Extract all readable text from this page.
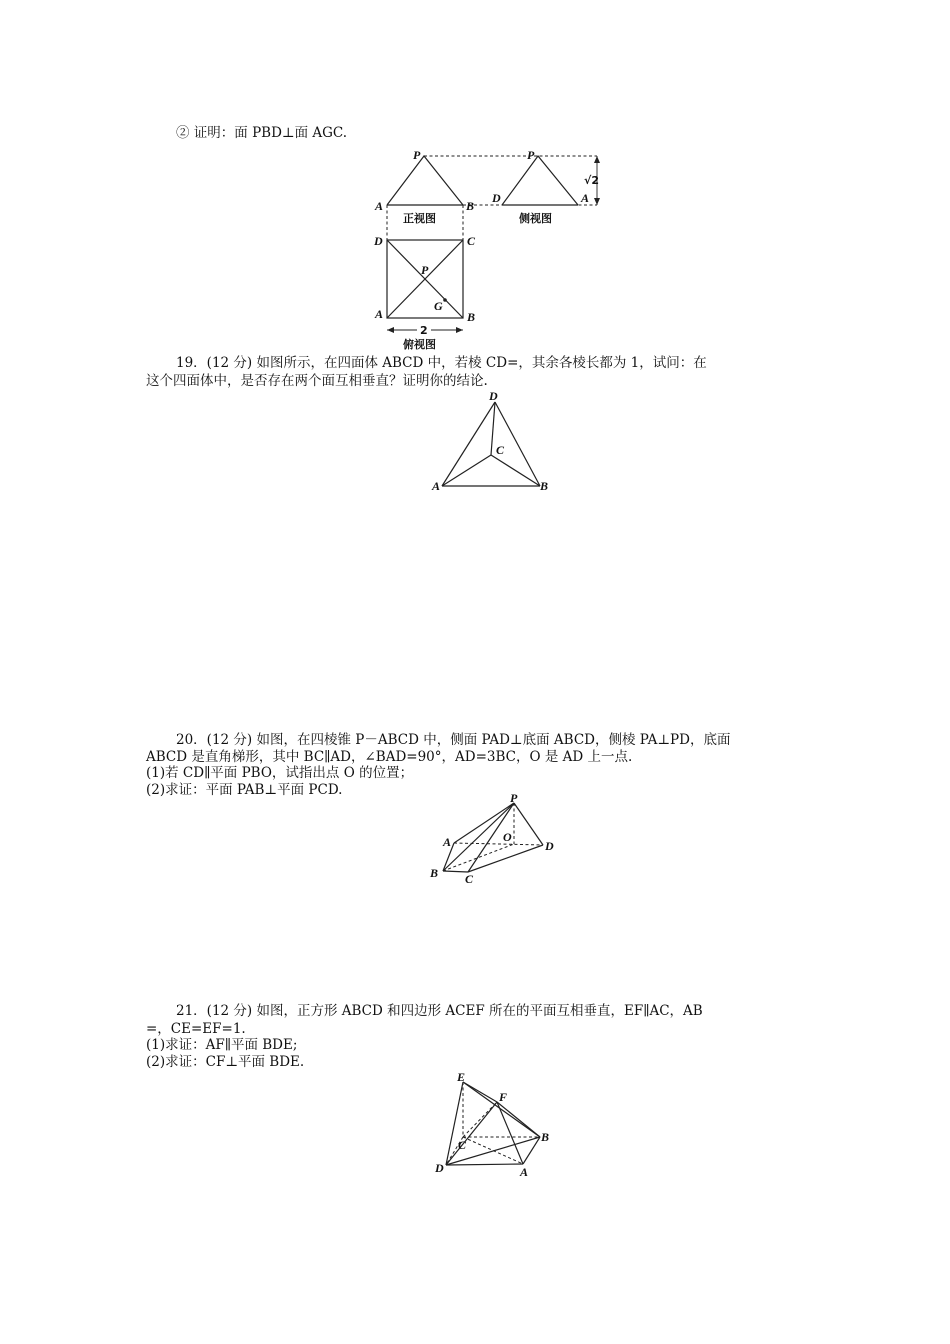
② 证明：面 PBD⊥面 AGC.
P
A	B
正视图
P
D	A
侧视图
√2
D	C
P
G
A	B
2
俯视图
19．(12 分) 如图所示，在四面体 ABCD 中，若棱 CD=，其余各棱长都为 1，试问：在
这个四面体中，是否存在两个面互相垂直？证明你的结论.
D
C
A	B
20．(12 分) 如图，在四棱锥 P－ABCD 中，侧面 PAD⊥底面 ABCD，侧棱 PA⊥PD，底面
ABCD 是直角梯形，其中 BC∥AD，∠BAD=90°，AD=3BC，O 是 AD 上一点.
(1)若 CD∥平面 PBO，试指出点 O 的位置；
(2)求证：平面 PAB⊥平面 PCD.	P
A	O
D
B C
21．(12 分) 如图，正方形 ABCD 和四边形 ACEF 所在的平面互相垂直，EF∥AC，AB
=，CE=EF=1.
(1)求证：AF∥平面 BDE;
(2)求证：CF⊥平面 BDE.
E
F
C
B
D	A
